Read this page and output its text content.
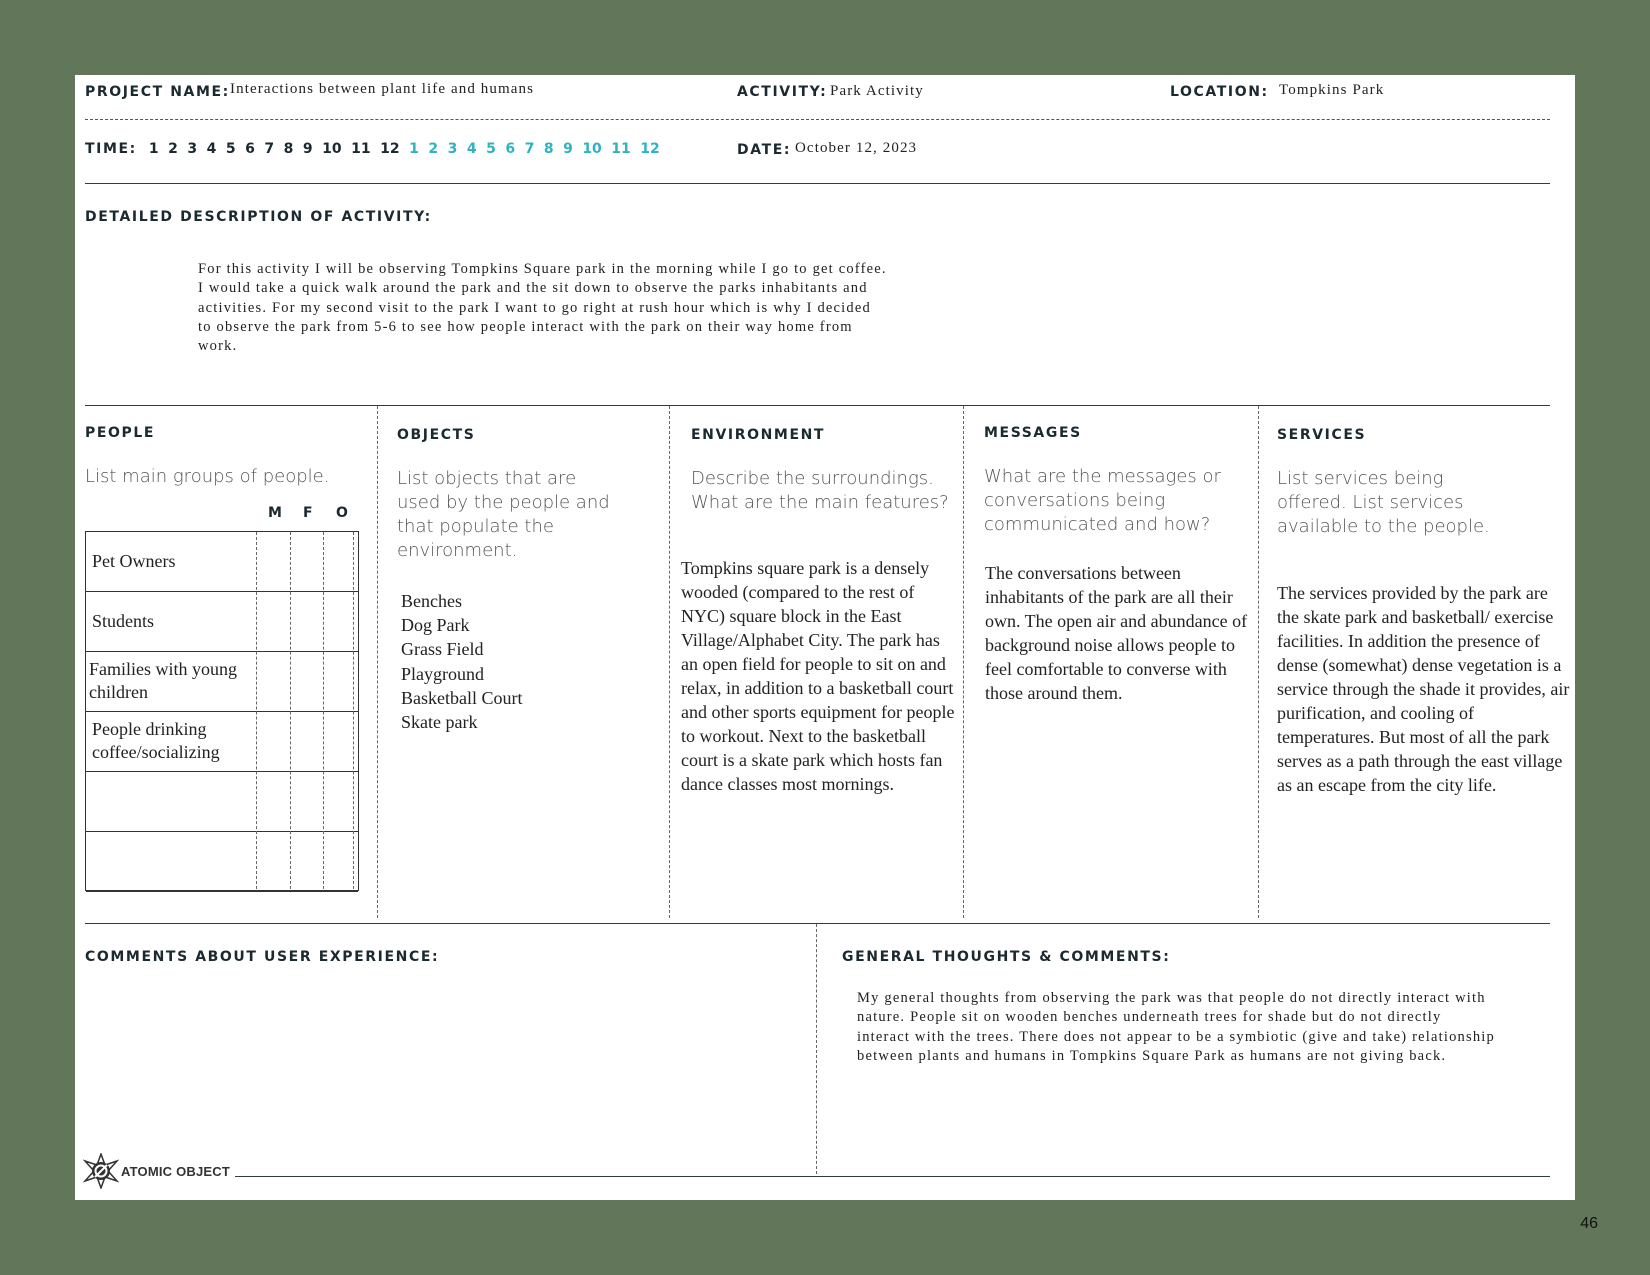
PROJECT NAME: Interactions between plant life and humans	ACTIVITY: Park Activity	LOCATION: Tompkins Park
TIME: 1 2 3 4 5 6 7 8 9 10 11 12 1 2 3 4 5 6 7 8 9 10 11 12	DATE: October 12, 2023
DETAILED DESCRIPTION OF ACTIVITY:
For this activity I will be observing Tompkins Square park in the morning while I go to get coffee.
I would take a quick walk around the park and the sit down to observe the parks inhabitants and
activities. For my second visit to the park I want to go right at rush hour which is why I decided
to observe the park from 5-6 to see how people interact with the park on their way home from
work.
PEOPLE
List main groups of people.
M F O
Pet Owners
Students
Families with young children
People drinking coffee/socializing
OBJECTS
List objects that are used by the people and that populate the environment.
Benches
Dog Park
Grass Field
Playground
Basketball Court
Skate park
ENVIRONMENT
Describe the surroundings. What are the main features?
Tompkins square park is a densely wooded (compared to the rest of NYC) square block in the East Village/Alphabet City. The park has an open field for people to sit on and relax, in addition to a basketball court and other sports equipment for people to workout. Next to the basketball court is a skate park which hosts fan dance classes most mornings.
MESSAGES
What are the messages or conversations being communicated and how?
The conversations between inhabitants of the park are all their own. The open air and abundance of background noise allows people to feel comfortable to converse with those around them.
SERVICES
List services being offered. List services available to the people.
The services provided by the park are the skate park and basketball/ exercise facilities. In addition the presence of dense (somewhat) dense vegetation is a service through the shade it provides, air purification, and cooling of temperatures. But most of all the park serves as a path through the east village as an escape from the city life.
COMMENTS ABOUT USER EXPERIENCE:	GENERAL THOUGHTS & COMMENTS:
My general thoughts from observing the park was that people do not directly interact with
nature. People sit on wooden benches underneath trees for shade but do not directly
interact with the trees. There does not appear to be a symbiotic (give and take) relationship
between plants and humans in Tompkins Square Park as humans are not giving back.
ATOMIC OBJECT
46
